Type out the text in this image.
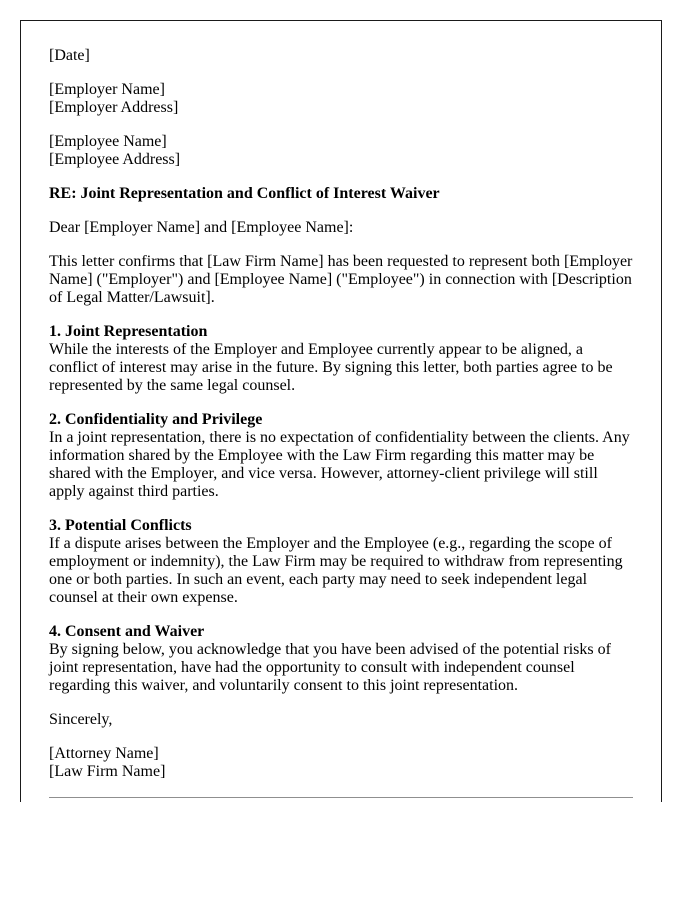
[Date]

[Employer Name]
[Employer Address]

[Employee Name]
[Employee Address]

RE: Joint Representation and Conflict of Interest Waiver

Dear [Employer Name] and [Employee Name]:

This letter confirms that [Law Firm Name] has been requested to represent both [Employer Name] ("Employer") and [Employee Name] ("Employee") in connection with [Description of Legal Matter/Lawsuit].

1. Joint Representation
While the interests of the Employer and Employee currently appear to be aligned, a conflict of interest may arise in the future. By signing this letter, both parties agree to be represented by the same legal counsel.

2. Confidentiality and Privilege
In a joint representation, there is no expectation of confidentiality between the clients. Any information shared by the Employee with the Law Firm regarding this matter may be shared with the Employer, and vice versa. However, attorney-client privilege will still apply against third parties.

3. Potential Conflicts
If a dispute arises between the Employer and the Employee (e.g., regarding the scope of employment or indemnity), the Law Firm may be required to withdraw from representing one or both parties. In such an event, each party may need to seek independent legal counsel at their own expense.

4. Consent and Waiver
By signing below, you acknowledge that you have been advised of the potential risks of joint representation, have had the opportunity to consult with independent counsel regarding this waiver, and voluntarily consent to this joint representation.

Sincerely,

[Attorney Name]
[Law Firm Name]
